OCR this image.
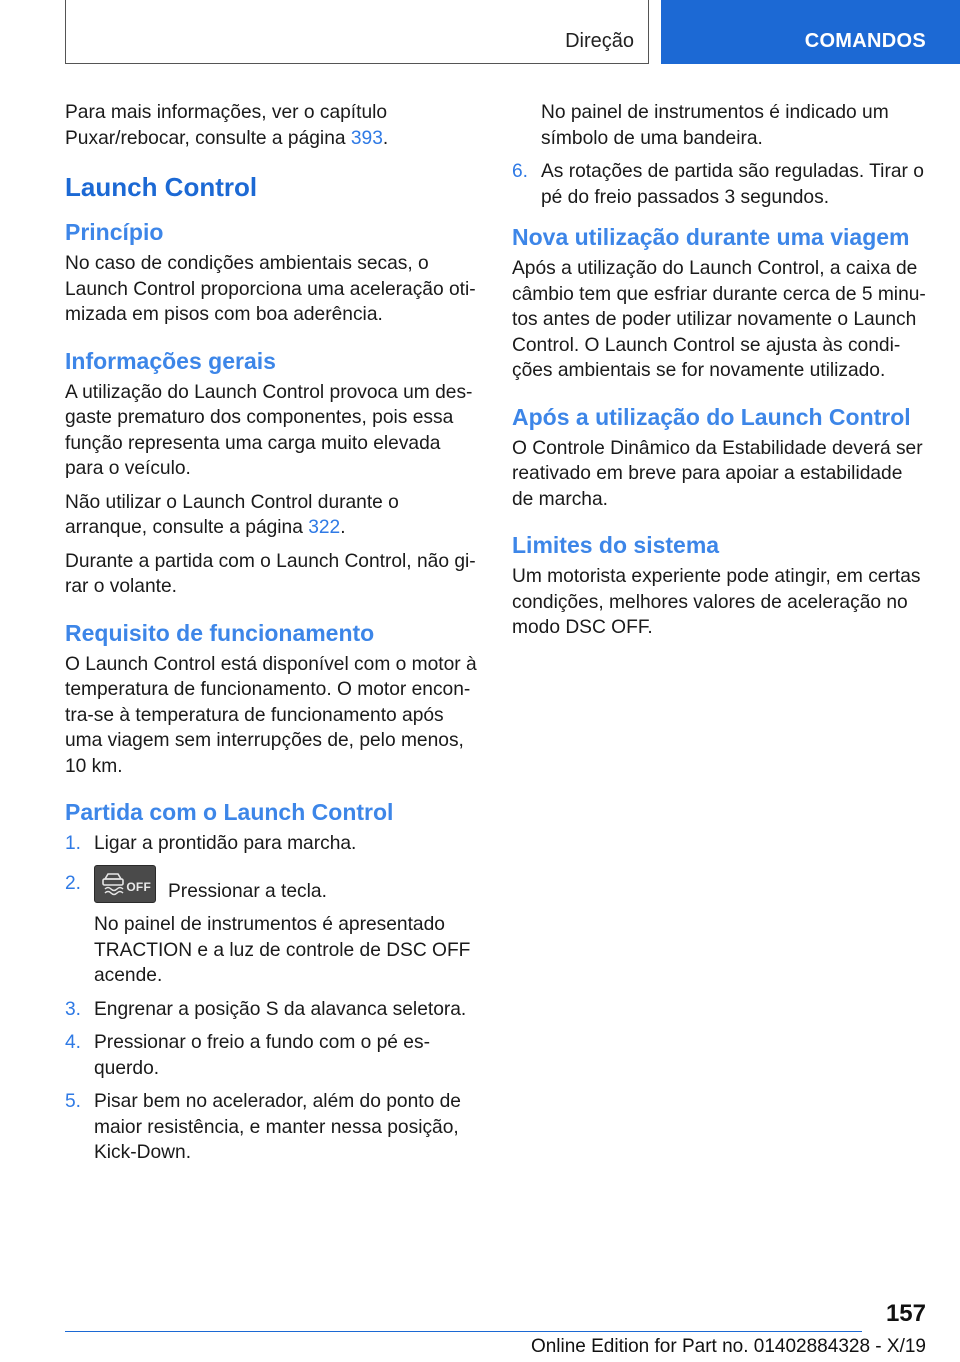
Direção	COMANDOS

Para mais informações, ver o capítulo Puxar/rebocar, consulte a página 393.

Launch Control
Princípio

No caso de condições ambientais secas, o Launch Control proporciona uma aceleração otimizada em pisos com boa aderência.

Informações gerais

A utilização do Launch Control provoca um desgaste prematuro dos componentes, pois essa função representa uma carga muito elevada para o veículo.

Não utilizar o Launch Control durante o arranque, consulte a página 322.

Durante a partida com o Launch Control, não girar o volante.

Requisito de funcionamento

O Launch Control está disponível com o motor à temperatura de funcionamento. O motor encontra-se à temperatura de funcionamento após uma viagem sem interrupções de, pelo menos, 10 km.

Partida com o Launch Control
1. Ligar a prontidão para marcha.

2.	OFF Pressionar a tecla.

No painel de instrumentos é apresentado TRACTION e a luz de controle de DSC OFF acende.

3. Engrenar a posição S da alavanca seletora.

4. Pressionar o freio a fundo com o pé esquerdo.

5. Pisar bem no acelerador, além do ponto de maior resistência, e manter nessa posição, Kick-Down.

No painel de instrumentos é indicado um símbolo de uma bandeira.

6. As rotações de partida são reguladas. Tirar o pé do freio passados 3 segundos.

Nova utilização durante uma viagem

Após a utilização do Launch Control, a caixa de câmbio tem que esfriar durante cerca de 5 minutos antes de poder utilizar novamente o Launch Control. O Launch Control se ajusta às condições ambientais se for novamente utilizado.

Após a utilização do Launch Control

O Controle Dinâmico da Estabilidade deverá ser reativado em breve para apoiar a estabilidade de marcha.

Limites do sistema

Um motorista experiente pode atingir, em certas condições, melhores valores de aceleração no modo DSC OFF.

157
Online Edition for Part no. 01402884328 - X/19
